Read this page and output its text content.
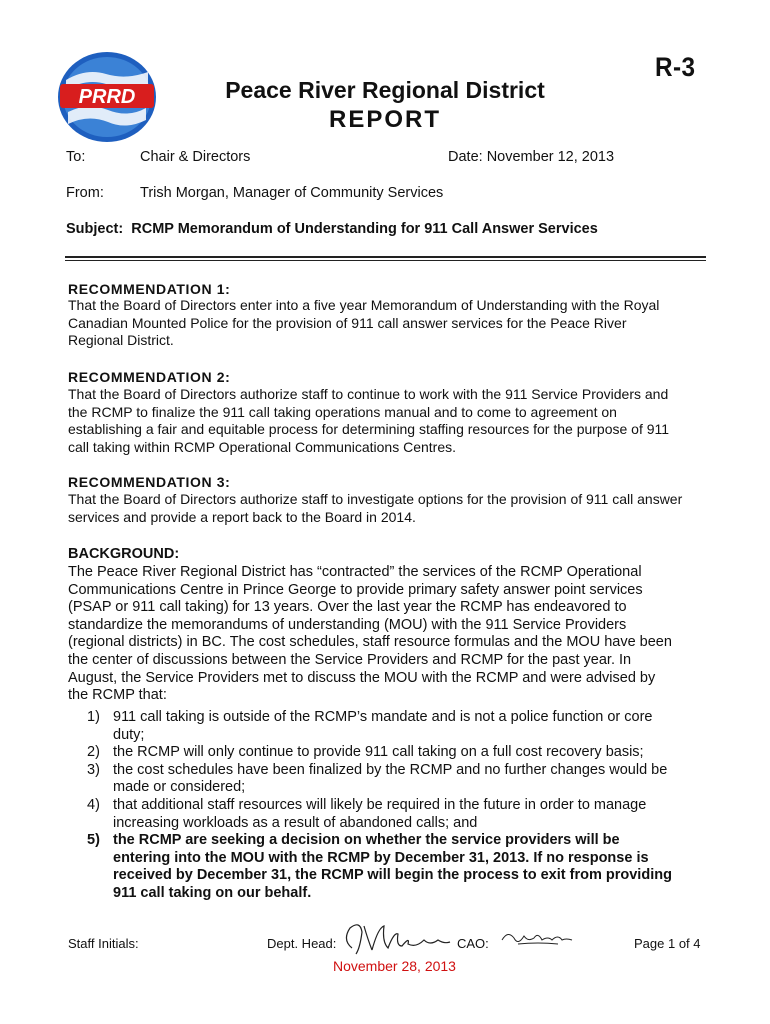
PRRD
R-3
Peace River Regional District
REPORT
To:	Chair & Directors	Date: November 12, 2013
From: Trish Morgan, Manager of Community Services
Subject: RCMP Memorandum of Understanding for 911 Call Answer Services
RECOMMENDATION 1:
That the Board of Directors enter into a five year Memorandum of Understanding with the Royal
Canadian Mounted Police for the provision of 911 call answer services for the Peace River
Regional District.
RECOMMENDATION 2:
That the Board of Directors authorize staff to continue to work with the 911 Service Providers and
the RCMP to finalize the 911 call taking operations manual and to come to agreement on
establishing a fair and equitable process for determining staffing resources for the purpose of 911
call taking within RCMP Operational Communications Centres.
RECOMMENDATION 3:
That the Board of Directors authorize staff to investigate options for the provision of 911 call answer
services and provide a report back to the Board in 2014.
BACKGROUND:
The Peace River Regional District has “contracted” the services of the RCMP Operational
Communications Centre in Prince George to provide primary safety answer point services
(PSAP or 911 call taking) for 13 years. Over the last year the RCMP has endeavored to
standardize the memorandums of understanding (MOU) with the 911 Service Providers
(regional districts) in BC. The cost schedules, staff resource formulas and the MOU have been
the center of discussions between the Service Providers and RCMP for the past year. In
August, the Service Providers met to discuss the MOU with the RCMP and were advised by
the RCMP that:
1) 911 call taking is outside of the RCMP’s mandate and is not a police function or core
duty;
2) the RCMP will only continue to provide 911 call taking on a full cost recovery basis;
3) the cost schedules have been finalized by the RCMP and no further changes would be
made or considered;
4) that additional staff resources will likely be required in the future in order to manage
increasing workloads as a result of abandoned calls; and
5) the RCMP are seeking a decision on whether the service providers will be
entering into the MOU with the RCMP by December 31, 2013. If no response is
received by December 31, the RCMP will begin the process to exit from providing
911 call taking on our behalf.
Staff Initials:	Dept. Head:	CAO:	Page 1 of 4
November 28, 2013
